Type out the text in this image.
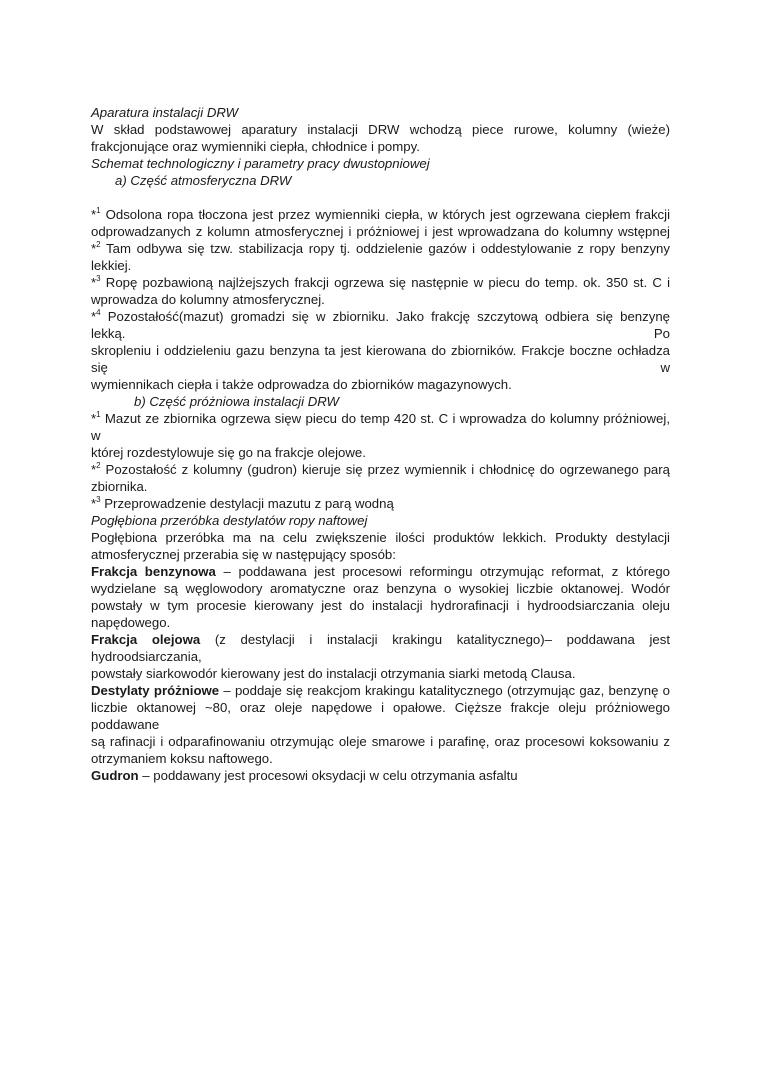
Aparatura instalacji DRW
W skład podstawowej aparatury instalacji DRW wchodzą piece rurowe, kolumny (wieże)
frakcjonujące oraz wymienniki ciepła, chłodnice i pompy.
Schemat technologiczny i parametry pracy dwustopniowej
a) Część atmosferyczna DRW
*$^1$ Odsolona ropa tłoczona jest przez wymienniki ciepła, w których jest ogrzewana ciepłem frakcji
odprowadzanych z kolumn atmosferycznej i próżniowej i jest wprowadzana do kolumny wstępnej
*$^2$ Tam odbywa się tzw. stabilizacja ropy tj. oddzielenie gazów i oddestylowanie z ropy benzyny
lekkiej.
*$^3$ Ropę pozbawioną najlżejszych frakcji ogrzewa się następnie w piecu do temp. ok. 350 st. C i
wprowadza do kolumny atmosferycznej.
*$^4$ Pozostałość(mazut) gromadzi się w zbiorniku. Jako frakcję szczytową odbiera się benzynę lekką. Po
skropleniu i oddzieleniu gazu benzyna ta jest kierowana do zbiorników. Frakcje boczne ochładza się w
wymiennikach ciepła i także odprowadza do zbiorników magazynowych.
b) Część próżniowa instalacji DRW
*$^1$ Mazut ze zbiornika ogrzewa sięw piecu do temp 420 st. C i wprowadza do kolumny próżniowej, w
której rozdestylowuje się go na frakcje olejowe.
*$^2$ Pozostałość z kolumny (gudron) kieruje się przez wymiennik i chłodnicę do ogrzewanego parą
zbiornika.
*$^3$ Przeprowadzenie destylacji mazutu z parą wodną
Pogłębiona przeróbka destylatów ropy naftowej
Pogłębiona przeróbka ma na celu zwiększenie ilości produktów lekkich. Produkty destylacji
atmosferycznej przerabia się w następujący sposób:
Frakcja benzynowa – poddawana jest procesowi reformingu otrzymując reformat, z którego
wydzielane są węglowodory aromatyczne oraz benzyna o wysokiej liczbie oktanowej. Wodór
powstały w tym procesie kierowany jest do instalacji hydrorafinacji i hydroodsiarczania oleju
napędowego.
Frakcja olejowa (z destylacji i instalacji krakingu katalitycznego)– poddawana jest hydroodsiarczania,
powstały siarkowodór kierowany jest do instalacji otrzymania siarki metodą Clausa.
Destylaty próżniowe – poddaje się reakcjom krakingu katalitycznego (otrzymując gaz, benzynę o
liczbie oktanowej ~80, oraz oleje napędowe i opałowe. Cięższe frakcje oleju próżniowego poddawane
są rafinacji i odparafinowaniu otrzymując oleje smarowe i parafinę, oraz procesowi koksowaniu z
otrzymaniem koksu naftowego.
Gudron – poddawany jest procesowi oksydacji w celu otrzymania asfaltu
